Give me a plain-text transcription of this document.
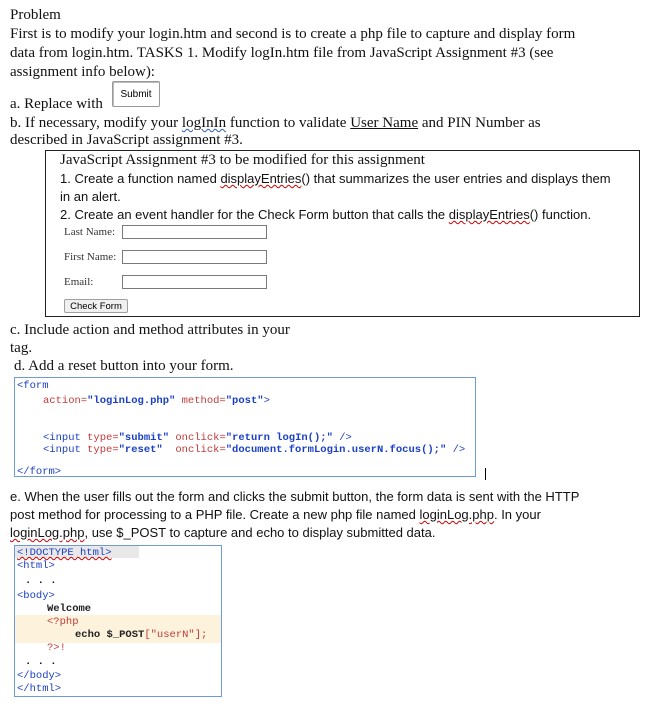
Problem
First is to modify your login.htm and second is to create a php file to capture and display form
data from login.htm. TASKS 1. Modify logIn.htm file from JavaScript Assignment #3 (see
assignment info below):
a. Replace with
Submit
b. If necessary, modify your logInIn function to validate User Name and PIN Number as
described in JavaScript assignment #3.
JavaScript Assignment #3 to be modified for this assignment
1. Create a function named displayEntries() that summarizes the user entries and displays them
in an alert.
2. Create an event handler for the Check Form button that calls the displayEntries() function.
Last Name:
First Name:
Email:
Check Form
c. Include action and method attributes in your
tag.
d. Add a reset button into your form.
<form
action="loginLog.php" method="post">
<input type="submit" onclick="return logIn();" />
<input type="reset"  onclick="document.formLogin.userN.focus();" />
</form>
e. When the user fills out the form and clicks the submit button, the form data is sent with the HTTP
post method for processing to a PHP file. Create a new php file named loginLog.php. In your
loginLog.php, use $_POST to capture and echo to display submitted data.
<!DOCTYPE html>
<html>
. . .
<body>
Welcome
<?php
echo $_POST["userN"];
?>!
. . .
</body>
</html>
